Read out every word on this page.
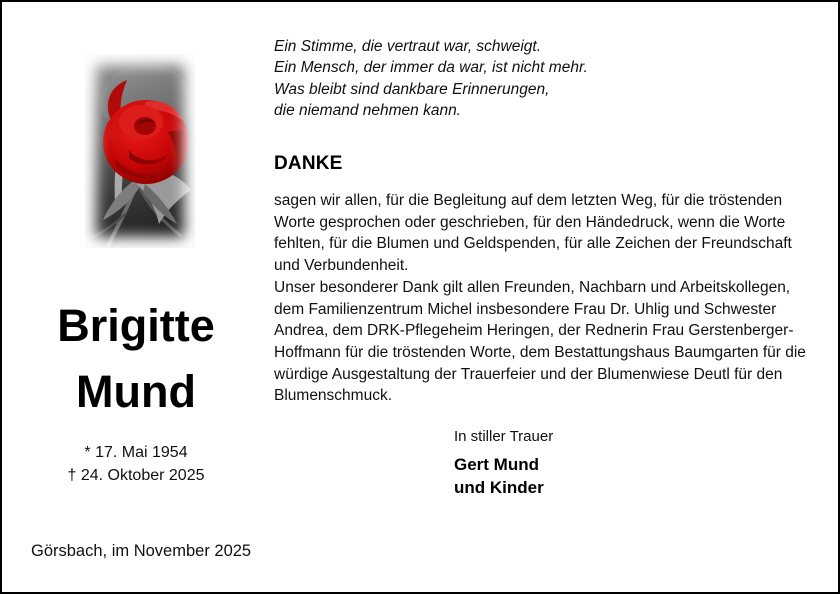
Brigitte
Mund
* 17. Mai 1954
† 24. Oktober 2025
Ein Stimme, die vertraut war, schweigt.
Ein Mensch, der immer da war, ist nicht mehr.
Was bleibt sind dankbare Erinnerungen,
die niemand nehmen kann.
DANKE

sagen wir allen, für die Begleitung auf dem letzten Weg, für die tröstenden Worte gesprochen oder geschrieben, für den Händedruck, wenn die Worte fehlten, für die Blumen und Geldspenden, für alle Zeichen der Freundschaft und Verbundenheit.

Unser besonderer Dank gilt allen Freunden, Nachbarn und Arbeitskollegen, dem Familienzentrum Michel insbesondere Frau Dr. Uhlig und Schwester Andrea, dem DRK-Pflegeheim Heringen, der Rednerin Frau Gerstenberger-Hoffmann für die tröstenden Worte, dem Bestattungshaus Baumgarten für die würdige Ausgestaltung der Trauerfeier und der Blumenwiese Deutl für den Blumenschmuck.

In stiller Trauer
Gert Mund
und Kinder
Görsbach, im November 2025
